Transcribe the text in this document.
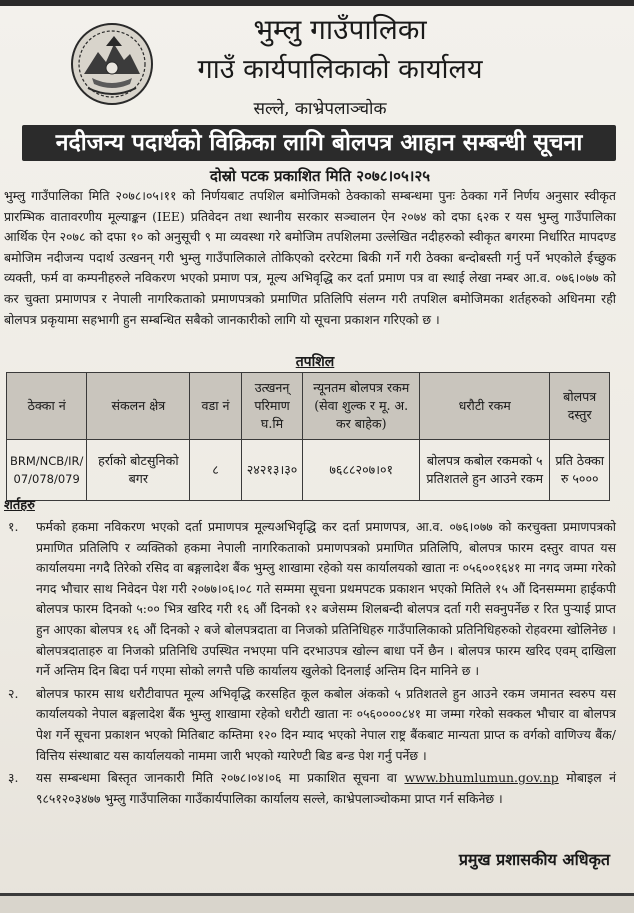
भुम्लु गाउँपालिका
गाउँ कार्यपालिकाको कार्यालय
सल्ले, काभ्रेपलाञ्चोक
नदीजन्य पदार्थको विक्रिका लागि बोलपत्र आहान सम्बन्धी सूचना
दोस्रो पटक प्रकाशित मिति २०७८।०५।२५
भुम्लु गाउँपालिका मिति २०७८।०५।११ को निर्णयबाट तपशिल बमोजिमको ठेक्काको सम्बन्धमा पुनः ठेक्का गर्ने निर्णय अनुसार स्वीकृत प्रारम्भिक वातावरणीय मूल्याङ्कन (IEE) प्रतिवेदन तथा स्थानीय सरकार सञ्चालन ऐन २०७४ को दफा ६२क र यस भुम्लु गाउँपालिका आर्थिक ऐन २०७८ को दफा १० को अनुसूची ९ मा व्यवस्था गरे बमोजिम तपशिलमा उल्लेखित नदीहरुको स्वीकृत बगरमा निर्धारित मापदण्ड बमोजिम नदीजन्य पदार्थ उत्खनन् गरी भुम्लु गाउँपालिकाले तोकिएको दररेटमा बिकी गर्ने गरी ठेक्का बन्दोबस्ती गर्नु पर्ने भएकोले ईच्छुक व्यक्ती, फर्म वा कम्पनीहरुले नविकरण भएको प्रमाण पत्र, मूल्य अभिवृद्धि कर दर्ता प्रमाण पत्र वा स्थाई लेखा नम्बर आ.व. ०७६।०७७ को कर चुक्ता प्रमाणपत्र र नेपाली नागरिकताको प्रमाणपत्रको प्रमाणित प्रतिलिपि संलग्न गरी तपशिल बमोजिमका शर्तहरुको अधिनमा रही बोलपत्र प्रकृयामा सहभागी हुन सम्बन्धित सबैको जानकारीको लागि यो सूचना प्रकाशन गरिएको छ ।
तपशिल
ठेक्का नं	संकलन क्षेत्र	वडा नं	उत्खनन् परिमाण घ.मि	न्यूनतम बोलपत्र रकम (सेवा शुल्क र मू. अ. कर बाहेक)	धरौटी रकम	बोलपत्र दस्तुर
BRM/NCB/IR/ 07/078/079	हर्राको बोटसुनिको बगर	८	२४२१३।३०	७६८८२०७।०१	बोलपत्र कबोल रकमको ५ प्रतिशतले हुन आउने रकम	प्रति ठेक्का रु ५०००
शर्तहरु
१.	फर्मको हकमा नविकरण भएको दर्ता प्रमाणपत्र मूल्यअभिवृद्धि कर दर्ता प्रमाणपत्र, आ.व. ०७६।०७७ को करचुक्ता प्रमाणपत्रको प्रमाणित प्रतिलिपि र व्यक्तिको हकमा नेपाली नागरिकताको प्रमाणपत्रको प्रमाणित प्रतिलिपि, बोलपत्र फारम दस्तुर वापत यस कार्यालयमा नगदै तिरेको रसिद वा बङ्गलादेश बैंक भुम्लु शाखामा रहेको यस कार्यालयको खाता नः ०५६००१६४१ मा नगद जम्मा गरेको नगद भौचार साथ निवेदन पेश गरी २०७७।०६।०८ गते सम्ममा सूचना प्रथमपटक प्रकाशन भएको मितिले १५ औं दिनसम्ममा हाईकपी बोलपत्र फारम दिनको ५:०० भित्र खरिद गरी १६ औं दिनको १२ बजेसम्म शिलबन्दी बोलपत्र दर्ता गरी सक्नुपर्नेछ र रित पुऱ्याई प्राप्त हुन आएका बोलपत्र १६ औं दिनको २ बजे बोलपत्रदाता वा निजको प्रतिनिधिहरु गाउँपालिकाको प्रतिनिधिहरुको रोहवरमा खोलिनेछ । बोलपत्रदाताहरु वा निजको प्रतिनिधि उपस्थित नभएमा पनि दरभाउपत्र खोल्न बाधा पर्ने छैन । बोलपत्र फारम खरिद एवम् दाखिला गर्ने अन्तिम दिन बिदा पर्न गएमा सोको लगत्तै पछि कार्यालय खुलेको दिनलाई अन्तिम दिन मानिने छ ।
२.	बोलपत्र फारम साथ धरौटीवापत मूल्य अभिवृद्धि करसहित कूल कबोल अंकको ५ प्रतिशतले हुन आउने रकम जमानत स्वरुप यस कार्यालयको नेपाल बङ्गलादेश बैंक भुम्लु शाखामा रहेको धरौटी खाता नः ०५६००००८४१ मा जम्मा गरेको सक्कल भौचार वा बोलपत्र पेश गर्ने सूचना प्रकाशन भएको मितिबाट कम्तिमा १२० दिन म्याद भएको नेपाल राष्ट्र बैंकबाट मान्यता प्राप्त क वर्गको वाणिज्य बैंक/वित्तिय संस्थाबाट यस कार्यालयको नाममा जारी भएको ग्यारेण्टी बिड बन्ड पेश गर्नु पर्नेछ ।
३.	यस सम्बन्धमा बिस्तृत जानकारी मिति २०७८।०४।०६ मा प्रकाशित सूचना वा www.bhumlumun.gov.np मोबाइल नं ९८५१२०३४७७ भुम्लु गाउँपालिका गाउँकार्यपालिका कार्यालय सल्ले, काभ्रेपलाञ्चोकमा प्राप्त गर्न सकिनेछ ।
प्रमुख प्रशासकीय अधिकृत
